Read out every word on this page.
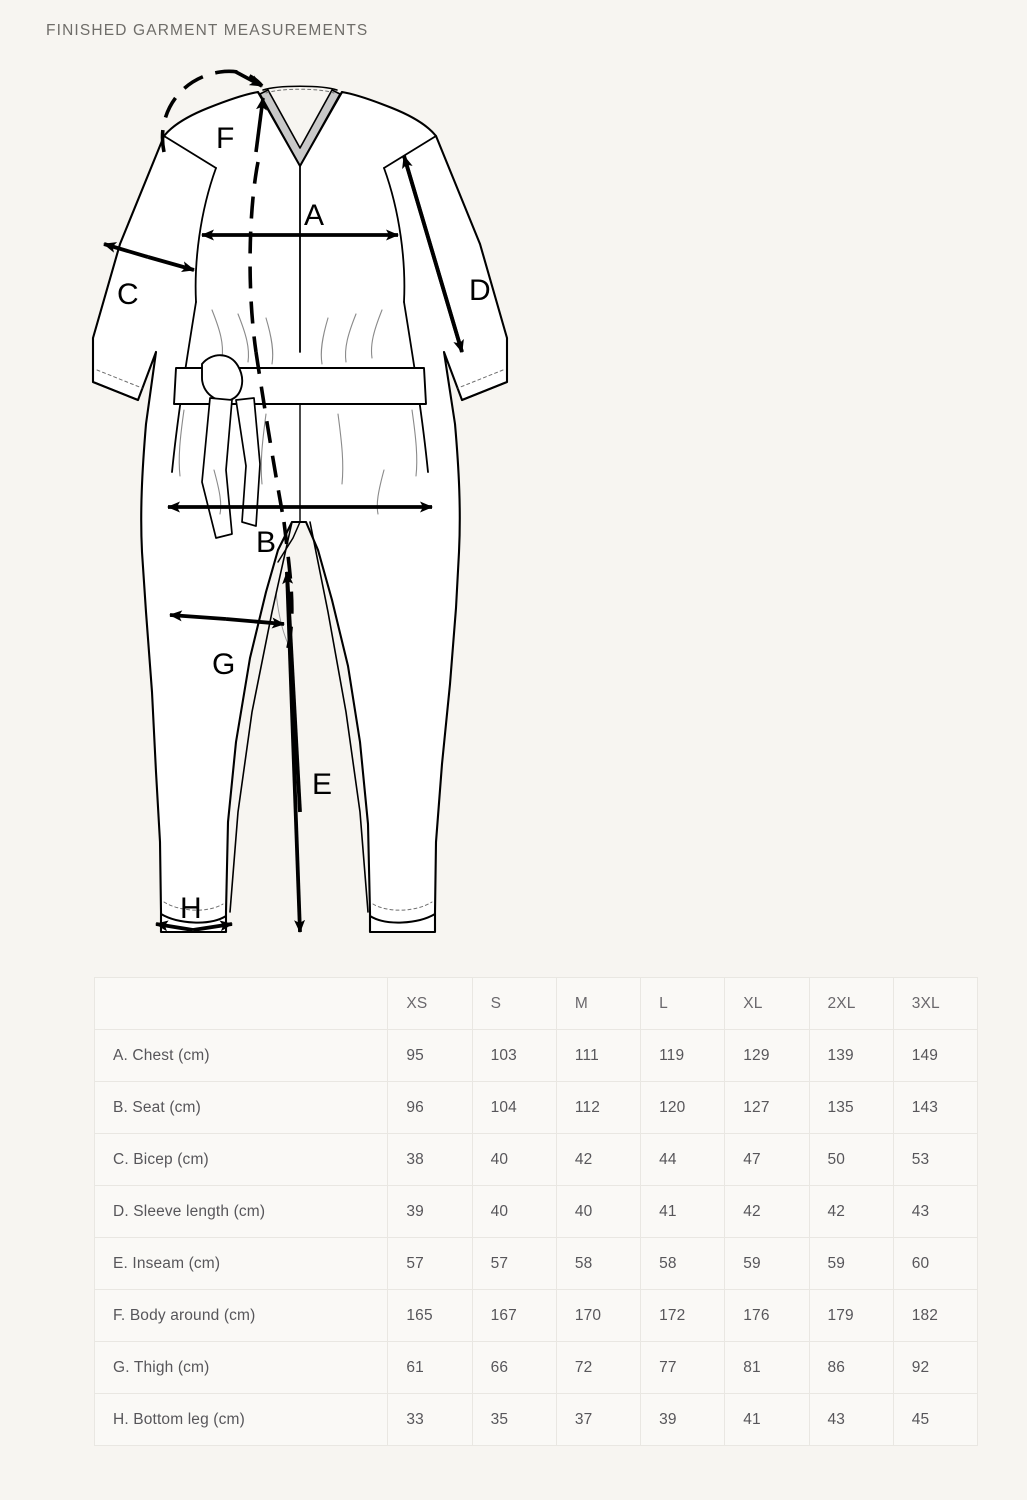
FINISHED GARMENT MEASUREMENTS
F
A
C	D
B
G
E
H
	XS	S	M	L	XL	2XL	3XL
A. Chest (cm)	95	103	111	119	129	139	149
B. Seat (cm)	96	104	112	120	127	135	143
C. Bicep (cm)	38	40	42	44	47	50	53
D. Sleeve length (cm)	39	40	40	41	42	42	43
E. Inseam (cm)	57	57	58	58	59	59	60
F. Body around (cm)	165	167	170	172	176	179	182
G. Thigh (cm)	61	66	72	77	81	86	92
H. Bottom leg (cm)	33	35	37	39	41	43	45
